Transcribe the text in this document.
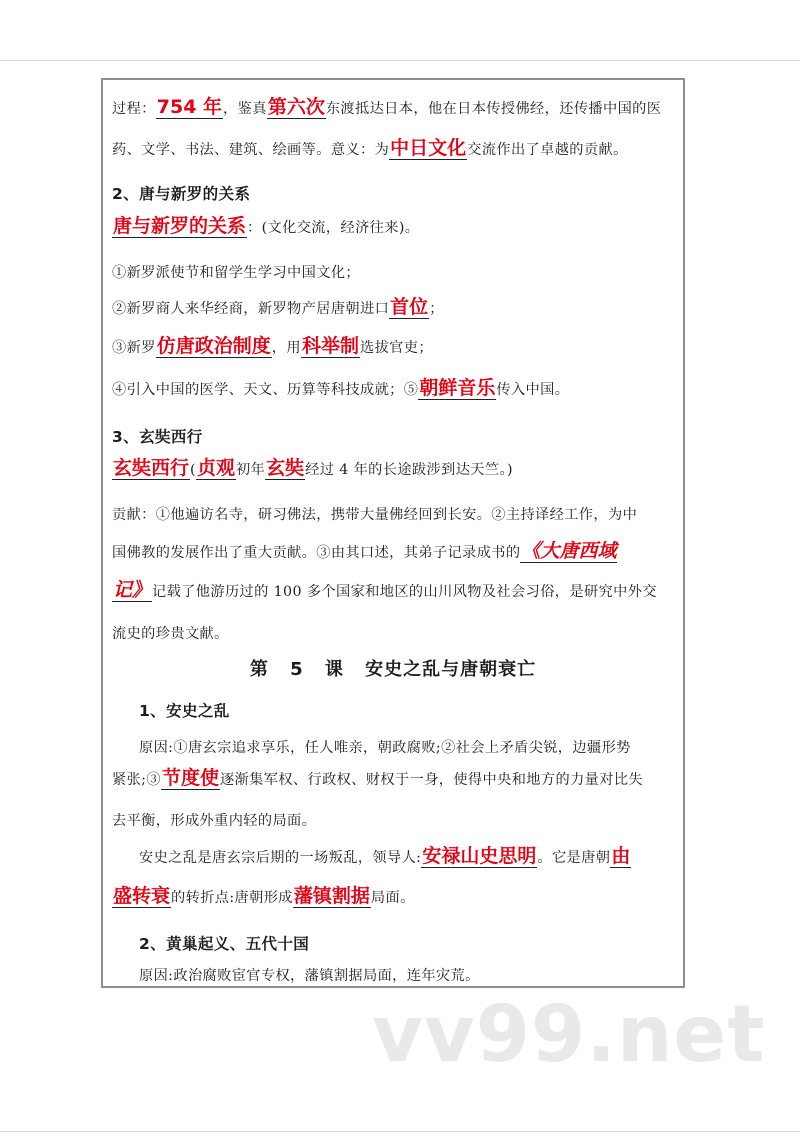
过程：754 年，鉴真第六次东渡抵达日本，他在日本传授佛经，还传播中国的医
药、文学、书法、建筑、绘画等。意义：为中日文化交流作出了卓越的贡献。
2、唐与新罗的关系
唐与新罗的关系：(文化交流，经济往来)。
①新罗派使节和留学生学习中国文化；
②新罗商人来华经商，新罗物产居唐朝进口首位；
③新罗仿唐政治制度，用科举制选拔官吏；
④引入中国的医学、天文、历算等科技成就；⑤朝鲜音乐传入中国。
3、玄奘西行
玄奘西行(贞观初年玄奘经过 4 年的长途跋涉到达天竺。)
贡献：①他遍访名寺，研习佛法，携带大量佛经回到长安。②主持译经工作，为中
国佛教的发展作出了重大贡献。③由其口述，其弟子记录成书的《大唐西域
记》记载了他游历过的 100 多个国家和地区的山川风物及社会习俗，是研究中外交
流史的珍贵文献。
第 5 课 安史之乱与唐朝衰亡
1、安史之乱
原因:①唐玄宗追求享乐，任人唯亲，朝政腐败;②社会上矛盾尖锐，边疆形势
紧张;③节度使逐渐集军权、行政权、财权于一身，使得中央和地方的力量对比失
去平衡，形成外重内轻的局面。
安史之乱是唐玄宗后期的一场叛乱，领导人:安禄山史思明。它是唐朝由
盛转衰的转折点:唐朝形成藩镇割据局面。
2、黄巢起义、五代十国
原因:政治腐败宦官专权，藩镇割据局面，连年灾荒。
vv99.net
